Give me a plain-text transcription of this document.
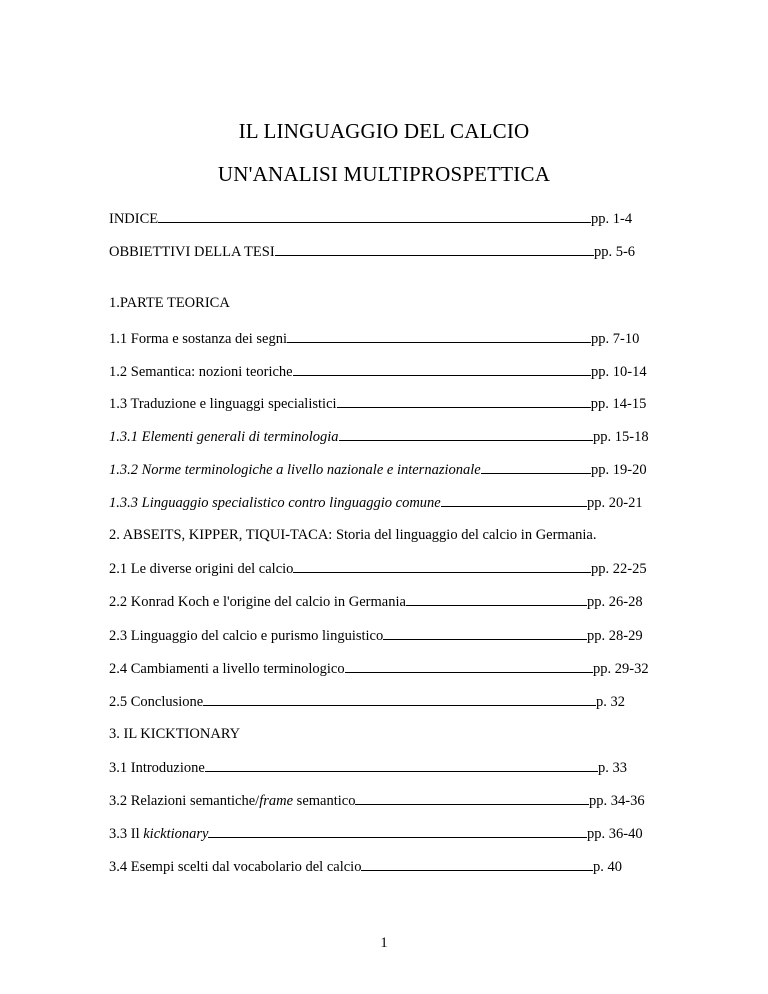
IL LINGUAGGIO DEL CALCIO
UN'ANALISI MULTIPROSPETTICA
INDICE	pp. 1-4
OBBIETTIVI DELLA TESI	pp. 5-6
1.PARTE TEORICA
1.1 Forma e sostanza dei segni	pp. 7-10
1.2 Semantica: nozioni teoriche	pp. 10-14
1.3 Traduzione e linguaggi specialistici	pp. 14-15
1.3.1 Elementi generali di terminologia	pp. 15-18
1.3.2 Norme terminologiche a livello nazionale e internazionale	pp. 19-20
1.3.3 Linguaggio specialistico contro linguaggio comune	pp. 20-21
2. ABSEITS, KIPPER, TIQUI-TACA: Storia del linguaggio del calcio in Germania.
2.1 Le diverse origini del calcio	pp. 22-25
2.2 Konrad Koch e l'origine del calcio in Germania	pp. 26-28
2.3 Linguaggio del calcio e purismo linguistico	pp. 28-29
2.4 Cambiamenti a livello terminologico	pp. 29-32
2.5 Conclusione	p. 32
3. IL KICKTIONARY
3.1 Introduzione	p. 33
3.2 Relazioni semantiche/frame semantico	pp. 34-36
3.3 Il kicktionary	pp. 36-40
3.4 Esempi scelti dal vocabolario del calcio	p. 40
1
